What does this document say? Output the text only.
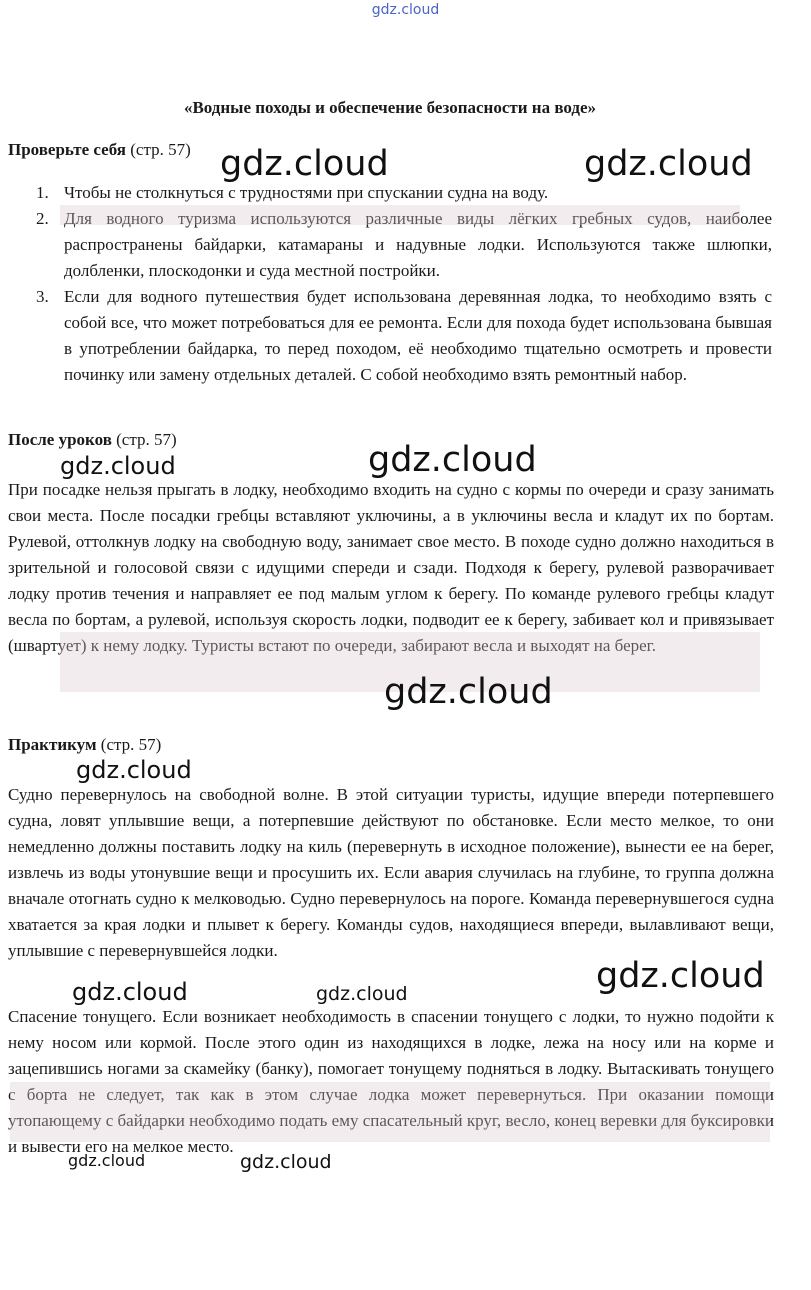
gdz.cloud
«Водные походы и обеспечение безопасности на воде»
Проверьте себя (стр. 57)
1. Чтобы не столкнуться с трудностями при спускании судна на воду.
2. Для водного туризма используются различные виды лёгких гребных судов, наиболее распространены байдарки, катамараны и надувные лодки. Используются также шлюпки, долбленки, плоскодонки и суда местной постройки.
3. Если для водного путешествия будет использована деревянная лодка, то необходимо взять с собой все, что может потребоваться для ее ремонта. Если для похода будет использована бывшая в употреблении байдарка, то перед походом, её необходимо тщательно осмотреть и провести починку или замену отдельных деталей. С собой необходимо взять ремонтный набор.
После уроков (стр. 57)
При посадке нельзя прыгать в лодку, необходимо входить на судно с кормы по очереди и сразу занимать свои места. После посадки гребцы вставляют уключины, а в уключины весла и кладут их по бортам. Рулевой, оттолкнув лодку на свободную воду, занимает свое место. В походе судно должно находиться в зрительной и голосовой связи с идущими спереди и сзади. Подходя к берегу, рулевой разворачивает лодку против течения и направляет ее под малым углом к берегу. По команде рулевого гребцы кладут весла по бортам, а рулевой, используя скорость лодки, подводит ее к берегу, забивает кол и привязывает (швартует) к нему лодку. Туристы встают по очереди, забирают весла и выходят на берег.
Практикум (стр. 57)
Судно перевернулось на свободной волне. В этой ситуации туристы, идущие впереди потерпевшего судна, ловят уплывшие вещи, а потерпевшие действуют по обстановке. Если место мелкое, то они немедленно должны поставить лодку на киль (перевернуть в исходное положение), вынести ее на берег, извлечь из воды утонувшие вещи и просушить их. Если авария случилась на глубине, то группа должна вначале отогнать судно к мелководью. Судно перевернулось на пороге. Команда перевернувшегося судна хватается за края лодки и плывет к берегу. Команды судов, находящиеся впереди, вылавливают вещи, уплывшие с перевернувшейся лодки.
Спасение тонущего. Если возникает необходимость в спасении тонущего с лодки, то нужно подойти к нему носом или кормой. После этого один из находящихся в лодке, лежа на носу или на корме и зацепившись ногами за скамейку (банку), помогает тонущему подняться в лодку. Вытаскивать тонущего с борта не следует, так как в этом случае лодка может перевернуться. При оказании помощи утопающему с байдарки необходимо подать ему спасательный круг, весло, конец веревки для буксировки и вывести его на мелкое место.
gdz.cloud	gdz.cloud
gdz.cloud	gdz.cloud
gdz.cloud
gdz.cloud
gdz.cloud
gdz.cloud	gdz.cloud
gdz.cloud	gdz.cloud
